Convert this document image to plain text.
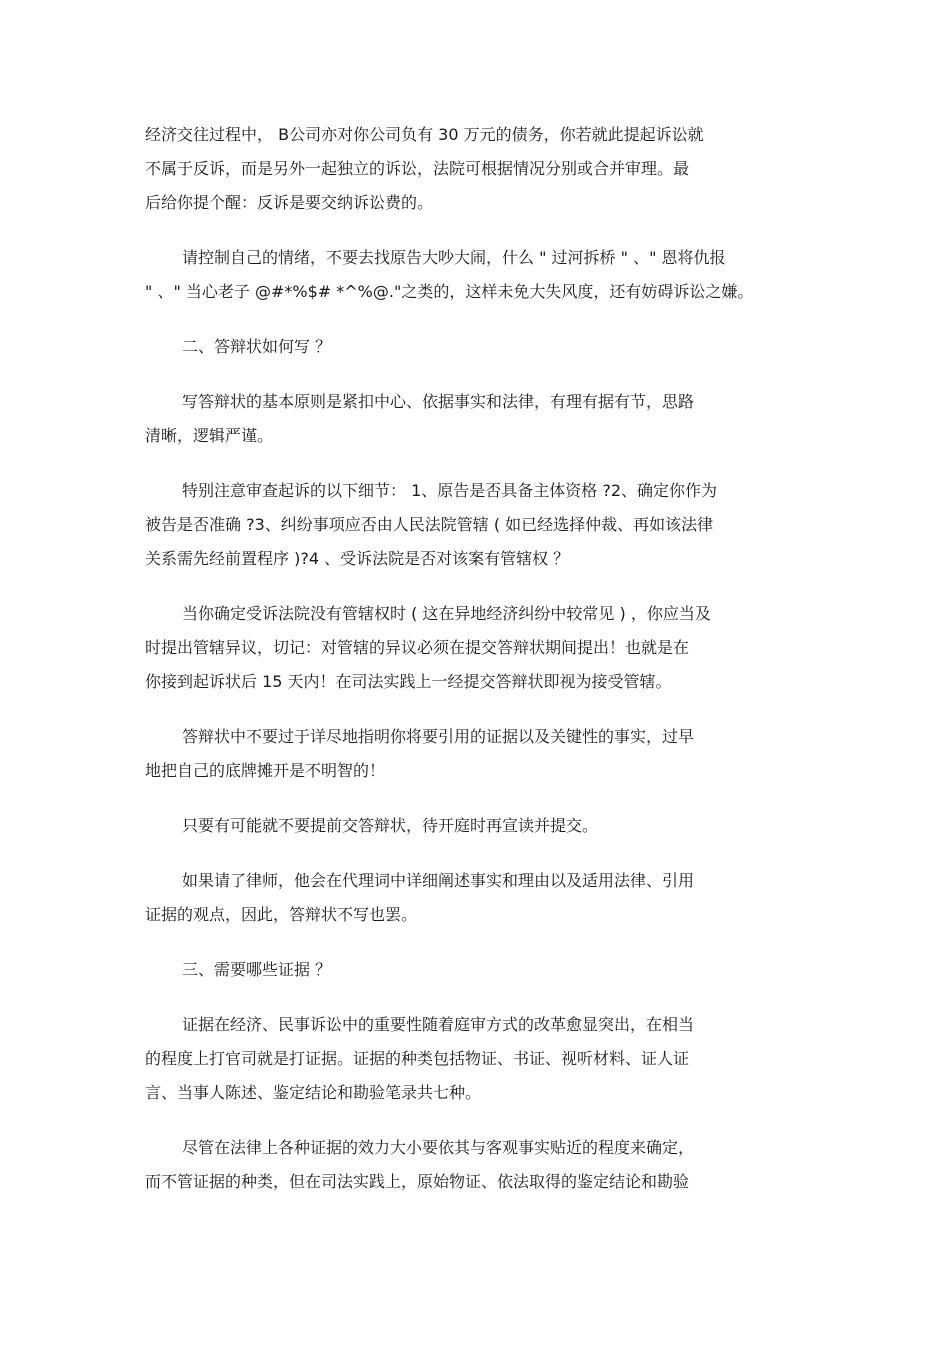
经济交往过程中， B公司亦对你公司负有 30 万元的债务，你若就此提起诉讼就
不属于反诉，而是另外一起独立的诉讼，法院可根据情况分别或合并审理。最
后给你提个醒：反诉是要交纳诉讼费的。
请控制自己的情绪，不要去找原告大吵大闹，什么 " 过河拆桥 " 、" 恩将仇报
" 、" 当心老子 @#*%$# *^%@."之类的，这样未免大失风度，还有妨碍诉讼之嫌。
二、答辩状如何写 ？
写答辩状的基本原则是紧扣中心、依据事实和法律，有理有据有节，思路
清晰，逻辑严谨。
特别注意审查起诉的以下细节： 1、原告是否具备主体资格 ?2、确定你作为
被告是否准确 ?3、纠纷事项应否由人民法院管辖 ( 如已经选择仲裁、再如该法律
关系需先经前置程序 )?4 、受诉法院是否对该案有管辖权 ？
当你确定受诉法院没有管辖权时 ( 这在异地经济纠纷中较常见 ) ，你应当及
时提出管辖异议，切记：对管辖的异议必须在提交答辩状期间提出！也就是在
你接到起诉状后 15 天内！在司法实践上一经提交答辩状即视为接受管辖。
答辩状中不要过于详尽地指明你将要引用的证据以及关键性的事实，过早
地把自己的底牌摊开是不明智的！
只要有可能就不要提前交答辩状，待开庭时再宣读并提交。
如果请了律师，他会在代理词中详细阐述事实和理由以及适用法律、引用
证据的观点，因此，答辩状不写也罢。
三、需要哪些证据 ？
证据在经济、民事诉讼中的重要性随着庭审方式的改革愈显突出，在相当
的程度上打官司就是打证据。证据的种类包括物证、书证、视听材料、证人证
言、当事人陈述、鉴定结论和勘验笔录共七种。
尽管在法律上各种证据的效力大小要依其与客观事实贴近的程度来确定，
而不管证据的种类，但在司法实践上，原始物证、依法取得的鉴定结论和勘验
